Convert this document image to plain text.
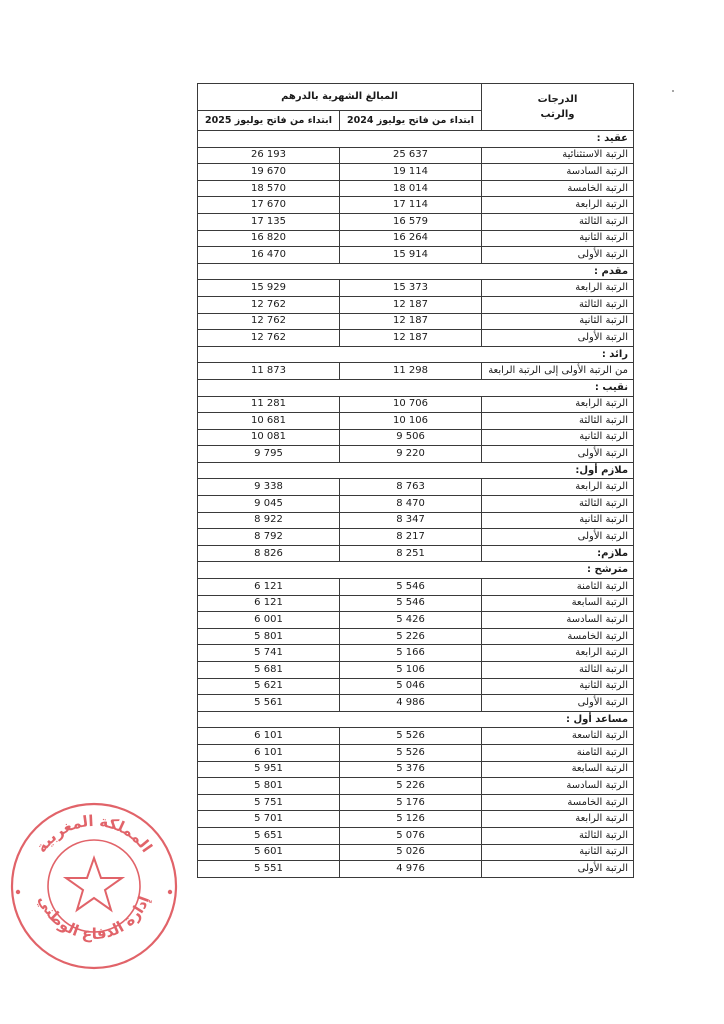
المبالغ الشهرية بالدرهم		الدرجات
والرتب

ابتداء من فاتح يوليوز 2025	ابتداء من فاتح يوليوز 2024	
عقيد :		
26 193	25 637	الرتبة الاستثنائية
19 670	19 114	الرتبة السادسة
18 570	18 014	الرتبة الخامسة
17 670	17 114	الرتبة الرابعة
17 135	16 579	الرتبة الثالثة
16 820	16 264	الرتبة الثانية
16 470	15 914	الرتبة الأولى
مقدم :		
15 929	15 373	الرتبة الرابعة
12 762	12 187	الرتبة الثالثة
12 762	12 187	الرتبة الثانية
12 762	12 187	الرتبة الأولى
رائد :		
11 873	11 298	من الرتبة الأولى إلى الرتبة الرابعة
نقيب :		
11 281	10 706	الرتبة الرابعة
10 681	10 106	الرتبة الثالثة
10 081	9 506	الرتبة الثانية
9 795	9 220	الرتبة الأولى
ملازم أول:		
9 338	8 763	الرتبة الرابعة
9 045	8 470	الرتبة الثالثة
8 922	8 347	الرتبة الثانية
8 792	8 217	الرتبة الأولى
8 826	8 251	ملازم:
مترشح :		
6 121	5 546	الرتبة الثامنة
6 121	5 546	الرتبة السابعة
6 001	5 426	الرتبة السادسة
5 801	5 226	الرتبة الخامسة
5 741	5 166	الرتبة الرابعة
5 681	5 106	الرتبة الثالثة
5 621	5 046	الرتبة الثانية
5 561	4 986	الرتبة الأولى
مساعد أول :		
6 101	5 526	الرتبة التاسعة
6 101	5 526	الرتبة الثامنة
5 951	5 376	الرتبة السابعة
5 801	5 226	الرتبة السادسة
5 751	5 176	الرتبة الخامسة
5 701	5 126	الرتبة الرابعة
5 651	5 076	الرتبة الثالثة
5 601	5 026	الرتبة الثانية
5 551	4 976	الرتبة الأولى
المملكة المغربية
إدارة الدفاع الوطني
